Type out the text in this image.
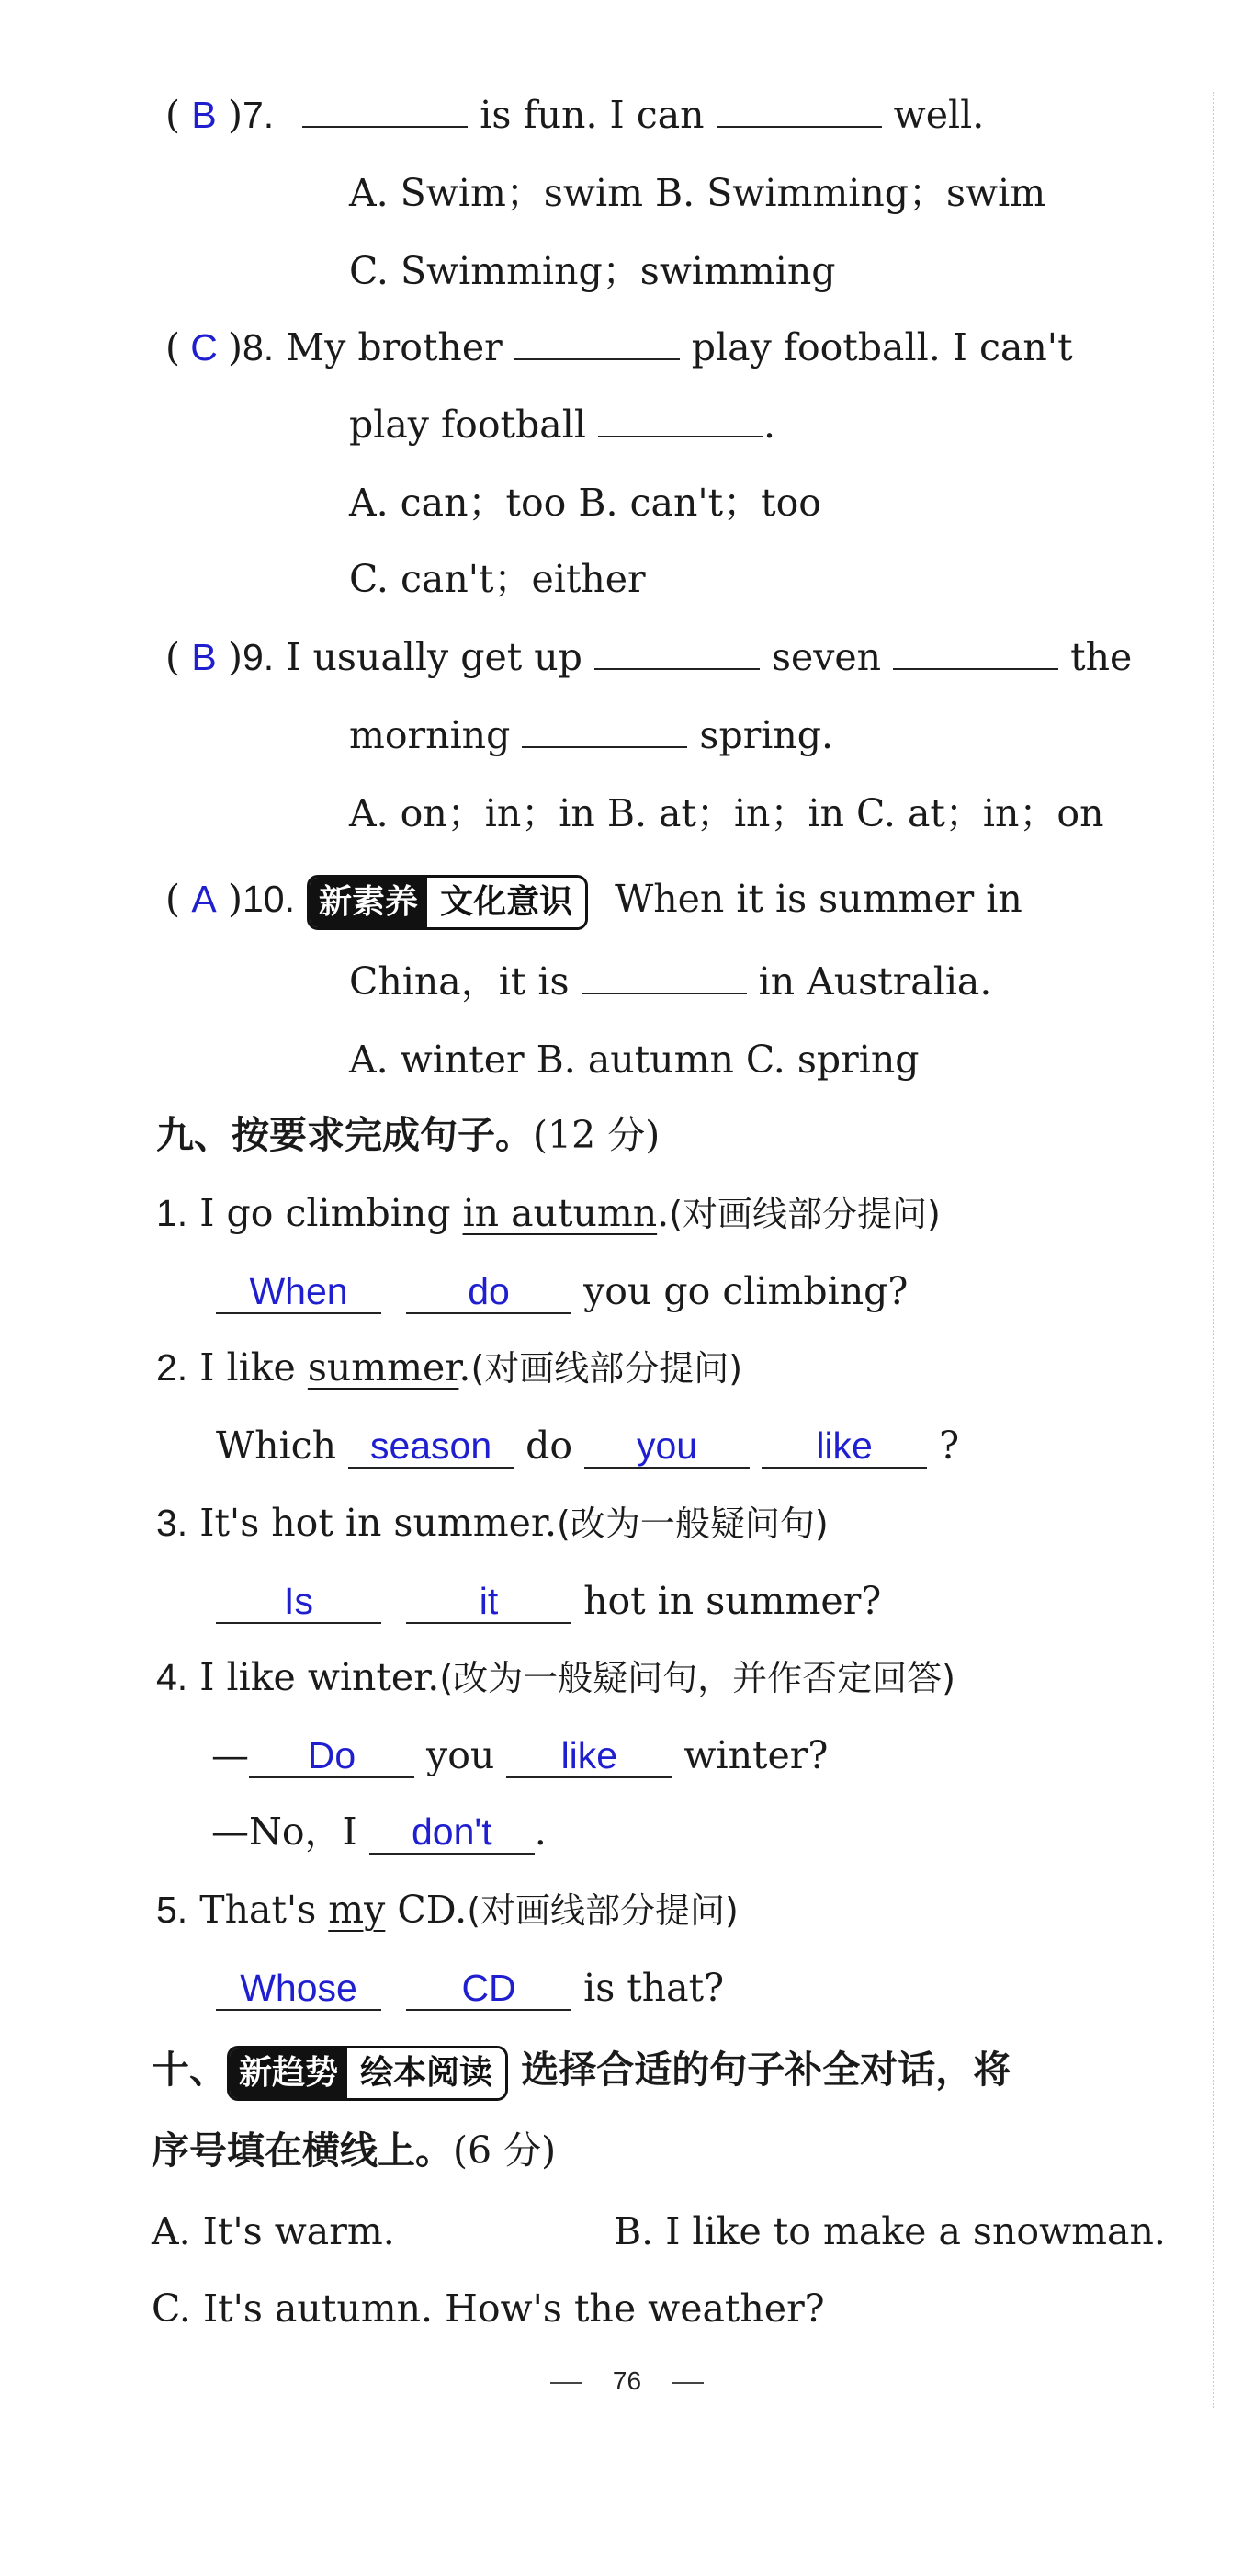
( B )7.	is fun. I can	well.
A. Swim；swim B. Swimming；swim
C. Swimming；swimming
( C )8. My brother	play football. I can't
play football	.
A. can；too B. can't；too
C. can't；either
( B )9. I usually get up	seven	the
morning	spring.
A. on；in；in B. at；in；in C. at；in；on
( A )10. 新素养 文化意识	When it is summer in
China，it is	in Australia.
A. winter B. autumn C. spring
九、按要求完成句子。(12 分)
1. I go climbing in autumn.(对画线部分提问)
When	do you go climbing?
2. I like summer.(对画线部分提问)
Which season do you	like ?
3. It's hot in summer.(改为一般疑问句)
Is	it hot in summer?
4. I like winter.(改为一般疑问句，并作否定回答)
— Do you like winter?
—No，I don't .
5. That's my CD.(对画线部分提问)
Whose	CD is that?
十、 新趋势 绘本阅读 选择合适的句子补全对话，将
序号填在横线上。(6 分)
A. It's warm.	B. I like to make a snowman.
C. It's autumn. How's the weather?
76
